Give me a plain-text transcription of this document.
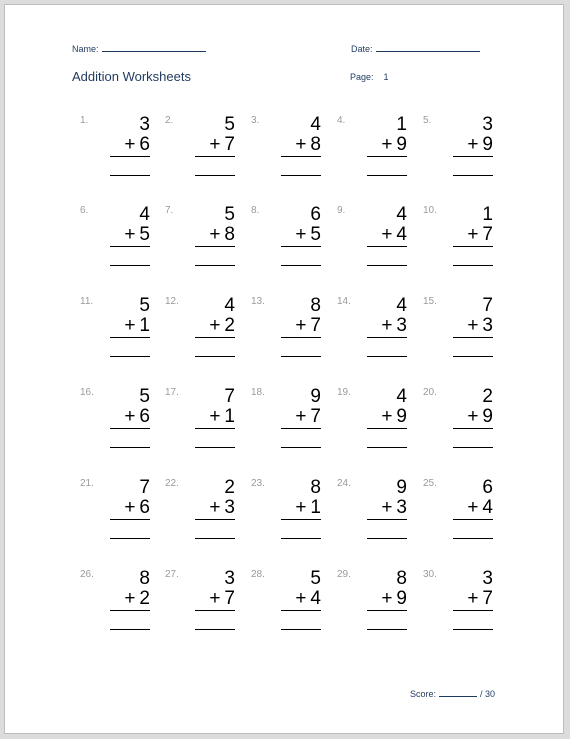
Name:	Date:
Addition Worksheets	Page: 1
1.	3
+ 6
2.	5
+ 7
3.	4
+ 8
4.	1
+ 9
5.	3
+ 9
6.	4
+ 5
7.	5
+ 8
8.	6
+ 5
9.	4
+ 4
10. 1
+ 7
11. 5
+ 1
12. 4
+ 2
13. 8
+ 7
14. 4
+ 3
15. 7
+ 3
16. 5
+ 6
17. 7
+ 1
18. 9
+ 7
19. 4
+ 9
20. 2
+ 9
21. 7
+ 6
22. 2
+ 3
23. 8
+ 1
24. 9
+ 3
25. 6
+ 4
26. 8
+ 2
27. 3
+ 7
28. 5
+ 4
29. 8
+ 9
30. 3
+ 7
Score:	/ 30
